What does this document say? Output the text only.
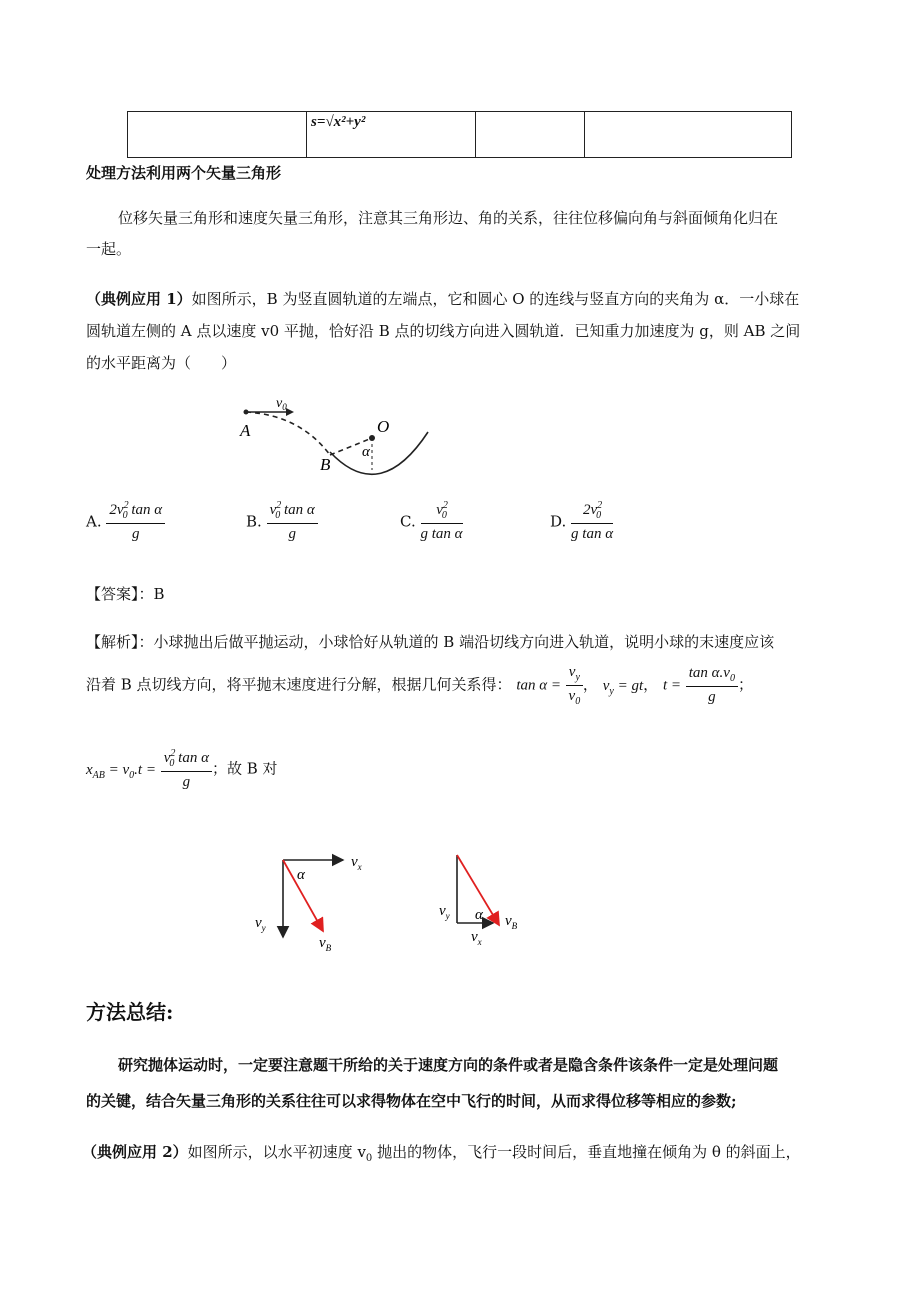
	s=√x²+y²		
处理方法利用两个矢量三角形
位移矢量三角形和速度矢量三角形，注意其三角形边、角的关系，往往位移偏向角与斜面倾角化归在
一起。
（典例应用 1）如图所示，B 为竖直圆轨道的左端点，它和圆心 O 的连线与竖直方向的夹角为 α．一小球在
圆轨道左侧的 A 点以速度 v0 平抛，恰好沿 B 点的切线方向进入圆轨道．已知重力加速度为 g，则 AB 之间
的水平距离为（　　）
A
B
O
α
$v_0$
A. $\frac{2v^2_0 \tan \alpha}{g}$	B. $\frac{v^2_0 \tan \alpha}{g}$	C. $\frac{v^2_0}{\text{g tan α}}$	D. $\frac{2v^2_0}{\text{g tan α}}$
【答案】：B
【解析】：小球抛出后做平抛运动，小球恰好从轨道的 B 端沿切线方向进入轨道，说明小球的末速度应该
沿着 B 点切线方向，将平抛末速度进行分解，根据几何关系得： $\tan \alpha = \frac{v_y}{v_0}$ ， $v_y$ = gt， $t = \frac{\tan \alpha.v_0}{g}$ ；
$x_{AB} = v_0.t = \frac{v^2_0 \tan \alpha}{g}$ ；故 B 对
α
$v_x$
$v_y$
$v_B$
α
$v_y$
$v_x$
$v_B$
方法总结:
研究抛体运动时，一定要注意题干所给的关于速度方向的条件或者是隐含条件该条件一定是处理问题
的关键，结合矢量三角形的关系往往可以求得物体在空中飞行的时间，从而求得位移等相应的参数;
（典例应用 2）如图所示，以水平初速度 $v_0$ 抛出的物体，飞行一段时间后，垂直地撞在倾角为 θ 的斜面上，
